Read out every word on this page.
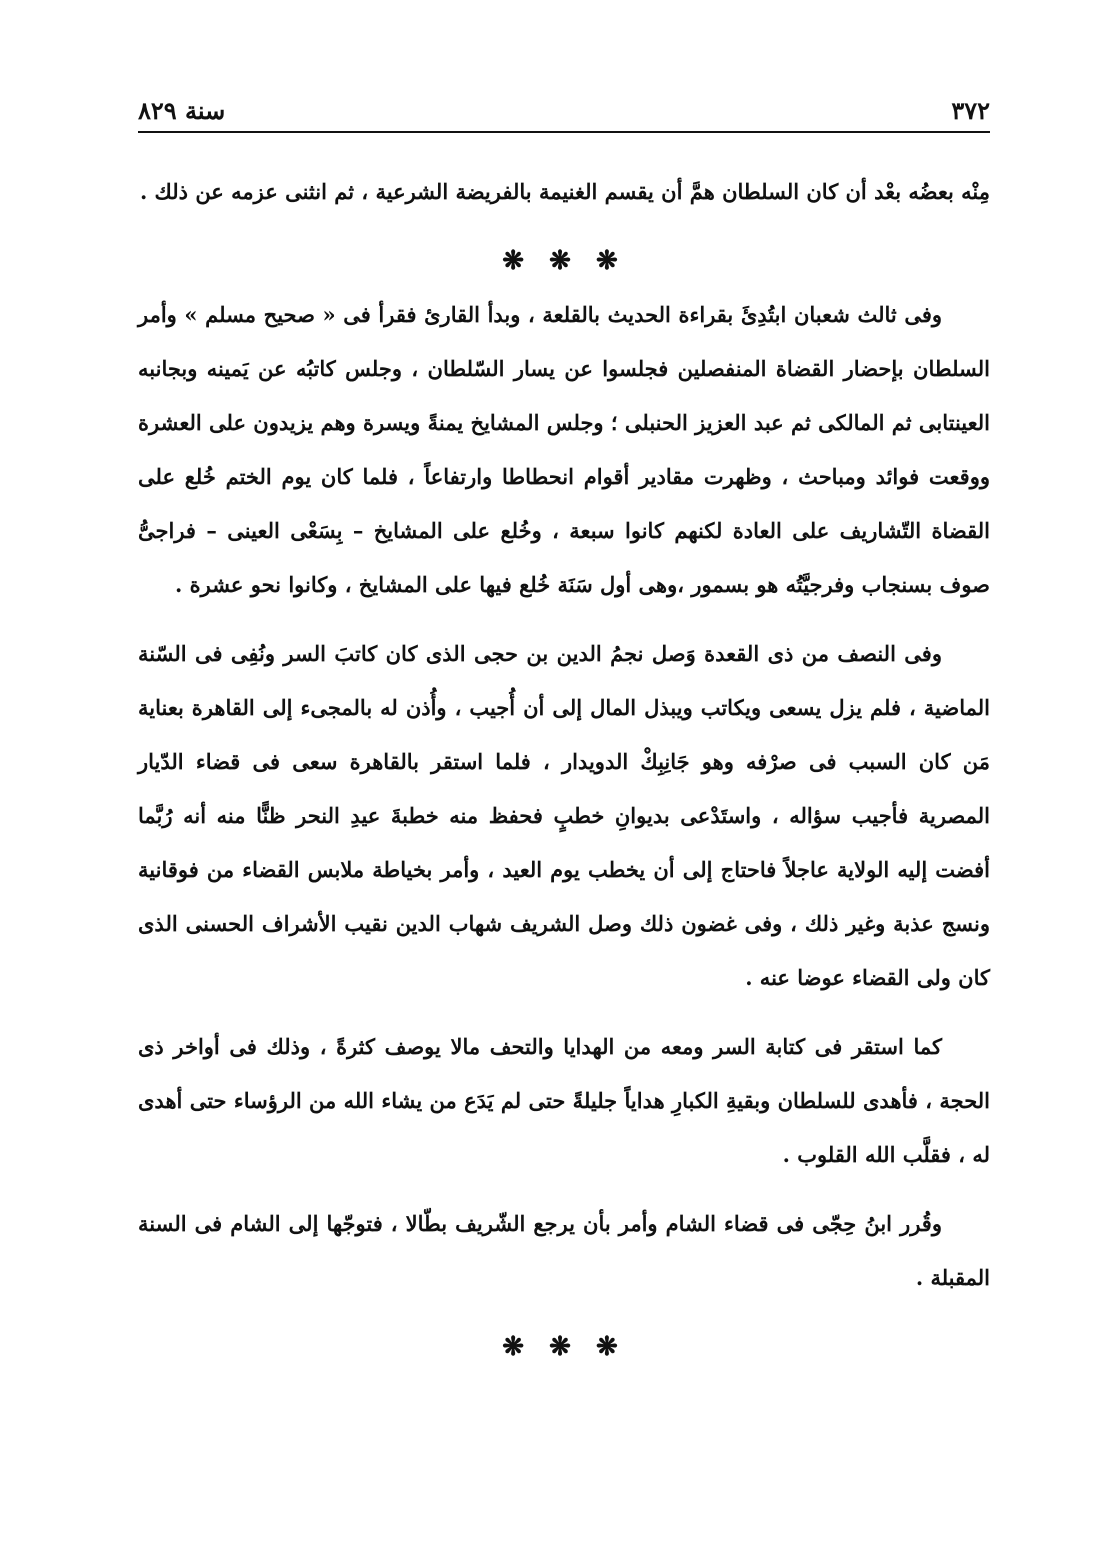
٣٧٢
سنة ٨٢٩

مِنْه بعضُه بعْد أن كان السلطان همَّ أن يقسم الغنيمة بالفريضة الشرعية ، ثم انثنى عزمه عن ذلك .

❋ ❋ ❋

وفى ثالث شعبان ابتُدِئَ بقراءة الحديث بالقلعة ، وبدأ القارئ فقرأ فى « صحيح مسلم » وأمر السلطان بإحضار القضاة المنفصلين فجلسوا عن يسار السّلطان ، وجلس كاتبُه عن يَمينه وبجانبه العينتابى ثم المالكى ثم عبد العزيز الحنبلى ؛ وجلس المشايخ يمنةً ويسرة وهم يزيدون على العشرة ووقعت فوائد ومباحث ، وظهرت مقادير أقوام انحطاطا وارتفاعاً ، فلما كان يوم الختم خُلع على القضاة التّشاريف على العادة لكنهم كانوا سبعة ، وخُلع على المشايخ – بِسَعْى العينى – فراجىُّ صوف بسنجاب وفرجيَّتُه هو بسمور ،وهى أول سَنَة خُلع فيها على المشايخ ، وكانوا نحو عشرة .

وفى النصف من ذى القعدة وَصل نجمُ الدين بن حجى الذى كان كاتبَ السر ونُفِى فى السّنة الماضية ، فلم يزل يسعى ويكاتب ويبذل المال إلى أن أُجيب ، وأُذن له بالمجىء إلى القاهرة بعناية مَن كان السبب فى صرْفه وهو جَانِبِكْ الدويدار ، فلما استقر بالقاهرة سعى فى قضاء الدّيار المصرية فأجيب سؤاله ، واستَدْعى بديوانِ خطبٍ فحفظ منه خطبةَ عيدِ النحر ظنًّا منه أنه رُبَّما أفضت إليه الولاية عاجلاً فاحتاج إلى أن يخطب يوم العيد ، وأمر بخياطة ملابس القضاء من فوقانية ونسج عذبة وغير ذلك ، وفى غضون ذلك وصل الشريف شهاب الدين نقيب الأشراف الحسنى الذى كان ولى القضاء عوضا عنه .

كما استقر فى كتابة السر ومعه من الهدايا والتحف مالا يوصف كثرةً ، وذلك فى أواخر ذى الحجة ، فأهدى للسلطان وبقيةِ الكبارِ هداياً جليلةً حتى لم يَدَع من يشاء الله من الرؤساء حتى أهدى له ، فقلَّب الله القلوب .

وقُرر ابنُ حِجّى فى قضاء الشام وأمر بأن يرجع الشّريف بطّالا ، فتوجّها إلى الشام فى السنة المقبلة .

❋ ❋ ❋
